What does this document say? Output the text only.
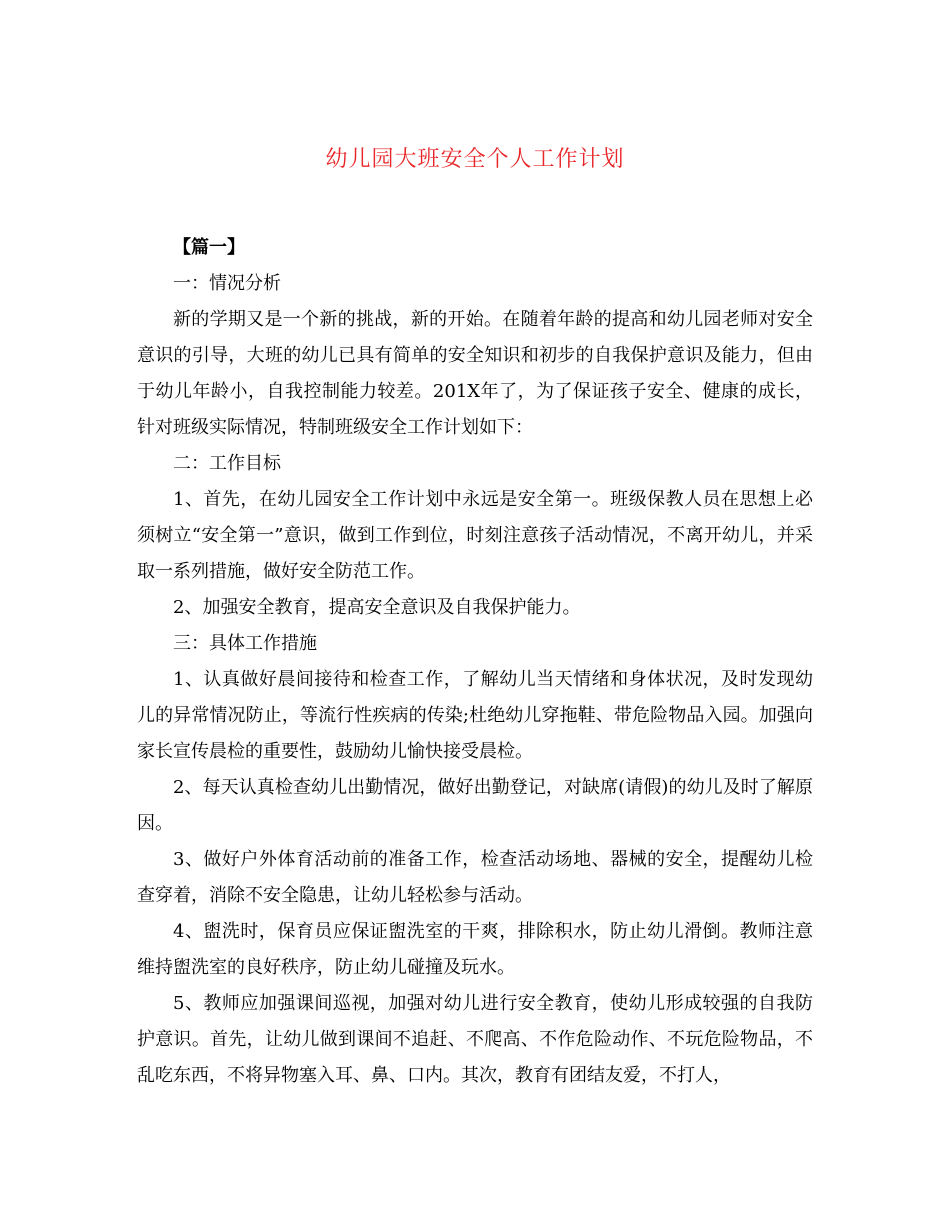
幼儿园大班安全个人工作计划

【篇一】

一：情况分析

新的学期又是一个新的挑战，新的开始。在随着年龄的提高和幼儿园老师对安全意识的引导，大班的幼儿已具有简单的安全知识和初步的自我保护意识及能力，但由于幼儿年龄小，自我控制能力较差。201X年了，为了保证孩子安全、健康的成长，针对班级实际情况，特制班级安全工作计划如下：

二：工作目标

1、首先，在幼儿园安全工作计划中永远是安全第一。班级保教人员在思想上必须树立“安全第一”意识，做到工作到位，时刻注意孩子活动情况，不离开幼儿，并采取一系列措施，做好安全防范工作。

2、加强安全教育，提高安全意识及自我保护能力。

三：具体工作措施

1、认真做好晨间接待和检查工作，了解幼儿当天情绪和身体状况，及时发现幼儿的异常情况防止，等流行性疾病的传染;杜绝幼儿穿拖鞋、带危险物品入园。加强向家长宣传晨检的重要性，鼓励幼儿愉快接受晨检。

2、每天认真检查幼儿出勤情况，做好出勤登记，对缺席(请假)的幼儿及时了解原因。

3、做好户外体育活动前的准备工作，检查活动场地、器械的安全，提醒幼儿检查穿着，消除不安全隐患，让幼儿轻松参与活动。

4、盥洗时，保育员应保证盥洗室的干爽，排除积水，防止幼儿滑倒。教师注意维持盥洗室的良好秩序，防止幼儿碰撞及玩水。

5、教师应加强课间巡视，加强对幼儿进行安全教育，使幼儿形成较强的自我防护意识。首先，让幼儿做到课间不追赶、不爬高、不作危险动作、不玩危险物品，不乱吃东西，不将异物塞入耳、鼻、口内。其次，教育有团结友爱，不打人，
